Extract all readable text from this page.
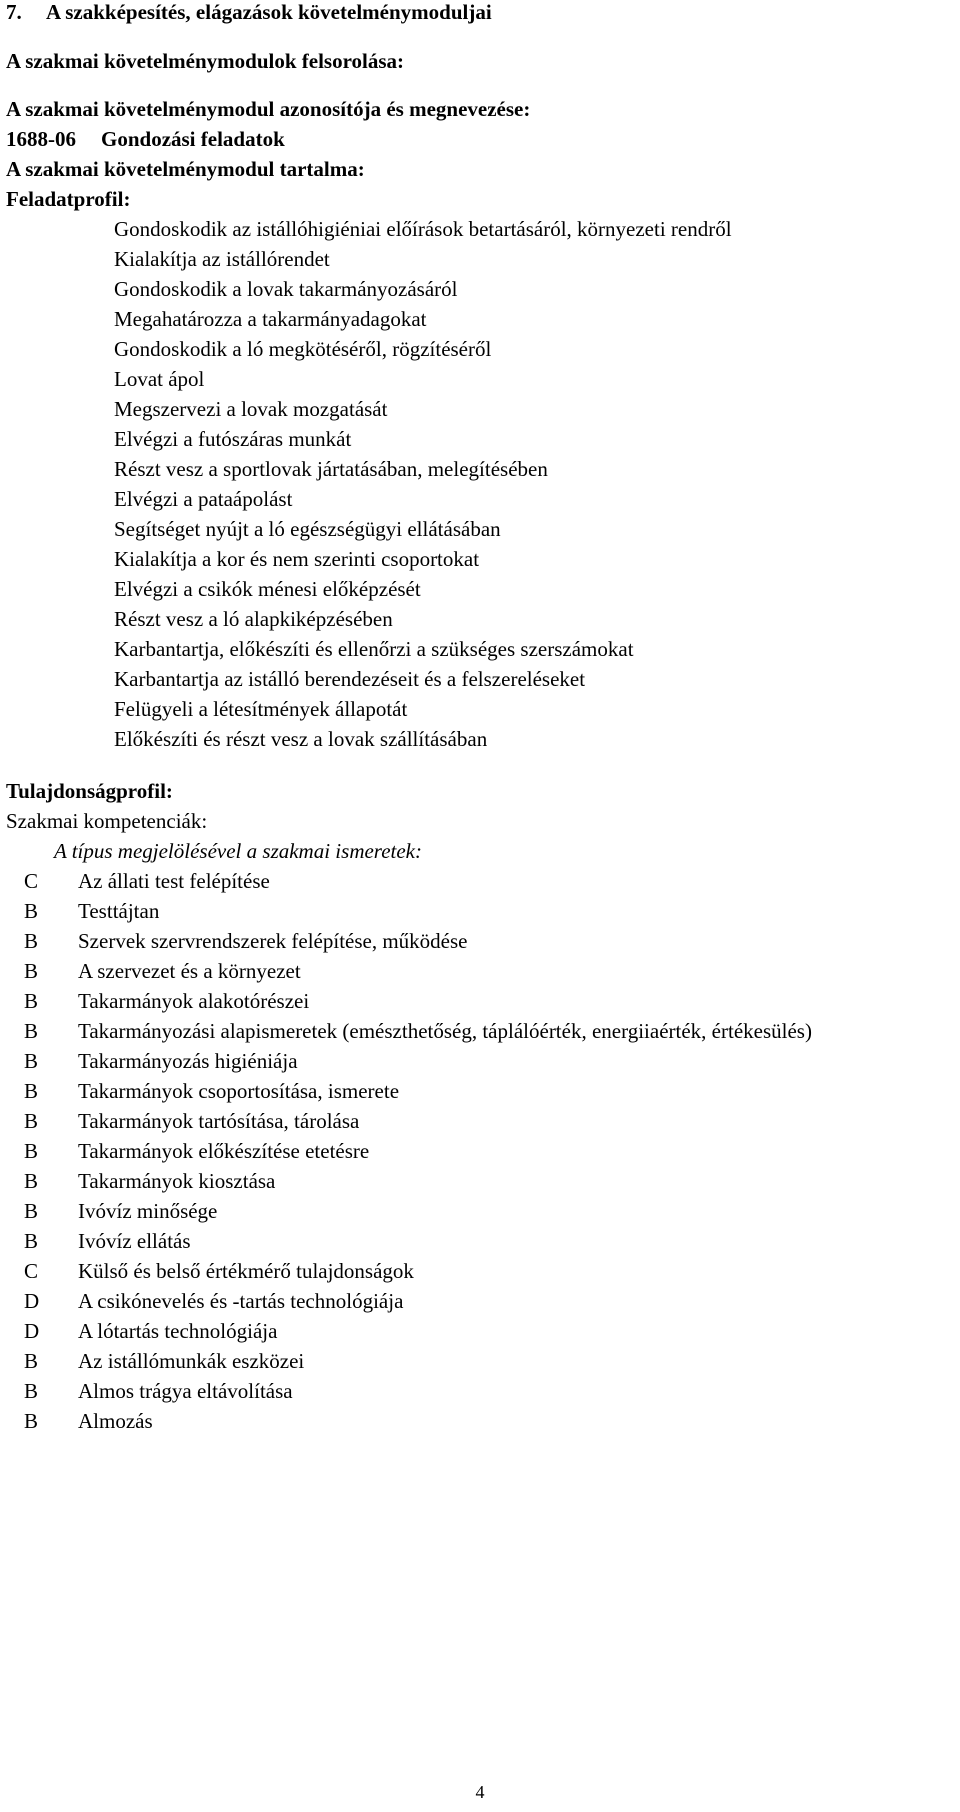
7.	A szakképesítés, elágazások követelménymoduljai
A szakmai követelménymodulok felsorolása:
A szakmai követelménymodul azonosítója és megnevezése:
1688-06	Gondozási feladatok
A szakmai követelménymodul tartalma:
Feladatprofil:
Gondoskodik az istállóhigiéniai előírások betartásáról, környezeti rendről
Kialakítja az istállórendet
Gondoskodik a lovak takarmányozásáról
Megahatározza a takarmányadagokat
Gondoskodik a ló megkötéséről, rögzítéséről
Lovat ápol
Megszervezi a lovak mozgatását
Elvégzi a futószáras munkát
Részt vesz a sportlovak jártatásában, melegítésében
Elvégzi a pataápolást
Segítséget nyújt a ló egészségügyi ellátásában
Kialakítja a kor és nem szerinti csoportokat
Elvégzi a csikók ménesi előképzését
Részt vesz a ló alapkiképzésében
Karbantartja, előkészíti és ellenőrzi a szükséges szerszámokat
Karbantartja az istálló berendezéseit és a felszereléseket
Felügyeli a létesítmények állapotát
Előkészíti és részt vesz a lovak szállításában
Tulajdonságprofil:
Szakmai kompetenciák:
A típus megjelölésével a szakmai ismeretek:
C	Az állati test felépítése
B	Testtájtan
B	Szervek szervrendszerek felépítése, működése
B	A szervezet és a környezet
B	Takarmányok alakotórészei
B	Takarmányozási alapismeretek (emészthetőség, táplálóérték, energiiaérték, értékesülés)
B	Takarmányozás higiéniája
B	Takarmányok csoportosítása, ismerete
B	Takarmányok tartósítása, tárolása
B	Takarmányok előkészítése etetésre
B	Takarmányok kiosztása
B	Ivóvíz minősége
B	Ivóvíz ellátás
C	Külső és belső értékmérő tulajdonságok
D	A csikónevelés és -tartás technológiája
D	A lótartás technológiája
B	Az istállómunkák eszközei
B	Almos trágya eltávolítása
B	Almozás
4
